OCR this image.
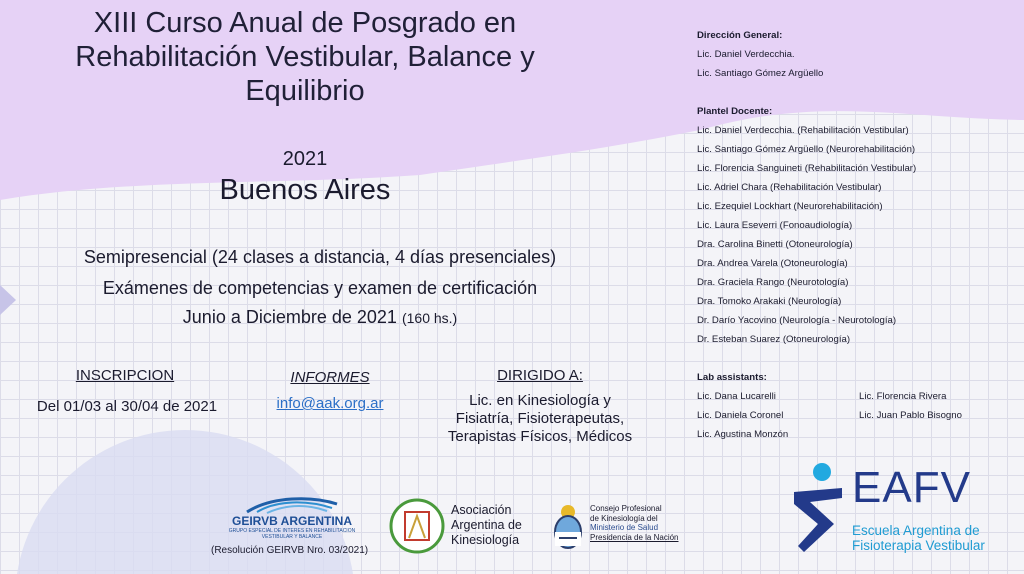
XIII Curso Anual de Posgrado en
Rehabilitación Vestibular, Balance y
Equilibrio
2021
Buenos Aires
Semipresencial (24 clases a distancia, 4 días presenciales)
Exámenes de competencias y examen de certificación
Junio a Diciembre de 2021 (160 hs.)
INSCRIPCION
Del 01/03 al 30/04 de 2021
INFORMES
info@aak.org.ar
DIRIGIDO A:
Lic. en Kinesiología y
Fisiatría, Fisioterapeutas,
Terapistas Físicos, Médicos
Dirección General:
Lic. Daniel Verdecchia.
Lic. Santiago Gómez Argüello
Plantel Docente:
Lic. Daniel Verdecchia. (Rehabilitación Vestibular)
Lic. Santiago Gómez Argüello (Neurorehabilitación)
Lic. Florencia Sanguineti (Rehabilitación Vestibular)
Lic. Adriel Chara (Rehabilitación Vestibular)
Lic. Ezequiel Lockhart (Neurorehabilitación)
Lic. Laura Eseverri (Fonoaudiología)
Dra. Carolina Binetti (Otoneurología)
Dra. Andrea Varela (Otoneurología)
Dra. Graciela Rango (Neurotología)
Dra. Tomoko Arakaki (Neurología)
Dr. Darío Yacovino (Neurología - Neurotología)
Dr. Esteban Suarez (Otoneurología)
Lab assistants:
Lic. Dana Lucarelli	Lic. Florencia Rivera
Lic. Daniela Coronel	Lic. Juan Pablo Bisogno
Lic. Agustina Monzón
GEIRVB ARGENTINA
GRUPO ESPECIAL DE INTERES EN REHABILITACION
VESTIBULAR Y BALANCE
(Resolución GEIRVB Nro. 03/2021)
Asociación
Argentina de
Kinesiología
Consejo Profesional
de Kinesiología del
Ministerio de Salud
Presidencia de la Nación
EAFV
Escuela Argentina de
Fisioterapia Vestibular
